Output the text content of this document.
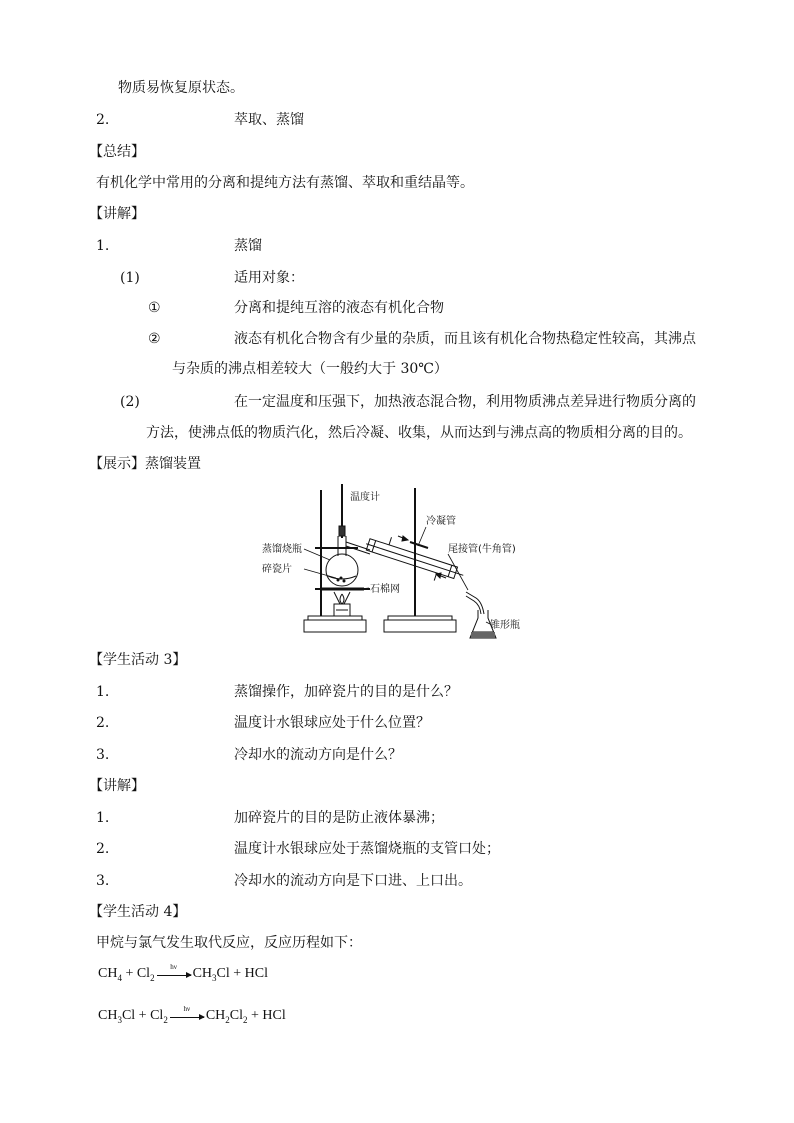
物质易恢复原状态。
2.	萃取、蒸馏
【总结】
有机化学中常用的分离和提纯方法有蒸馏、萃取和重结晶等。
【讲解】
1.	蒸馏
(1)	适用对象：
①	分离和提纯互溶的液态有机化合物
②	液态有机化合物含有少量的杂质，而且该有机化合物热稳定性较高，其沸点
与杂质的沸点相差较大（一般约大于 30℃）
(2)	在一定温度和压强下，加热液态混合物，利用物质沸点差异进行物质分离的
方法，使沸点低的物质汽化，然后冷凝、收集，从而达到与沸点高的物质相分离的目的。
【展示】蒸馏装置
温度计
冷凝管
尾接管(牛角管)
蒸馏烧瓶
碎瓷片
石棉网
锥形瓶
【学生活动 3】
1.	蒸馏操作，加碎瓷片的目的是什么？
2.	温度计水银球应处于什么位置？
3.	冷却水的流动方向是什么？
【讲解】
1.	加碎瓷片的目的是防止液体暴沸；
2.	温度计水银球应处于蒸馏烧瓶的支管口处；
3.	冷却水的流动方向是下口进、上口出。
【学生活动 4】
甲烷与氯气发生取代反应，反应历程如下：
$CH_4 + Cl_2$
hν	$CH_3Cl$ + HCl
$CH_3Cl + Cl_2$
hν	$CH_2Cl_2$ + HCl
